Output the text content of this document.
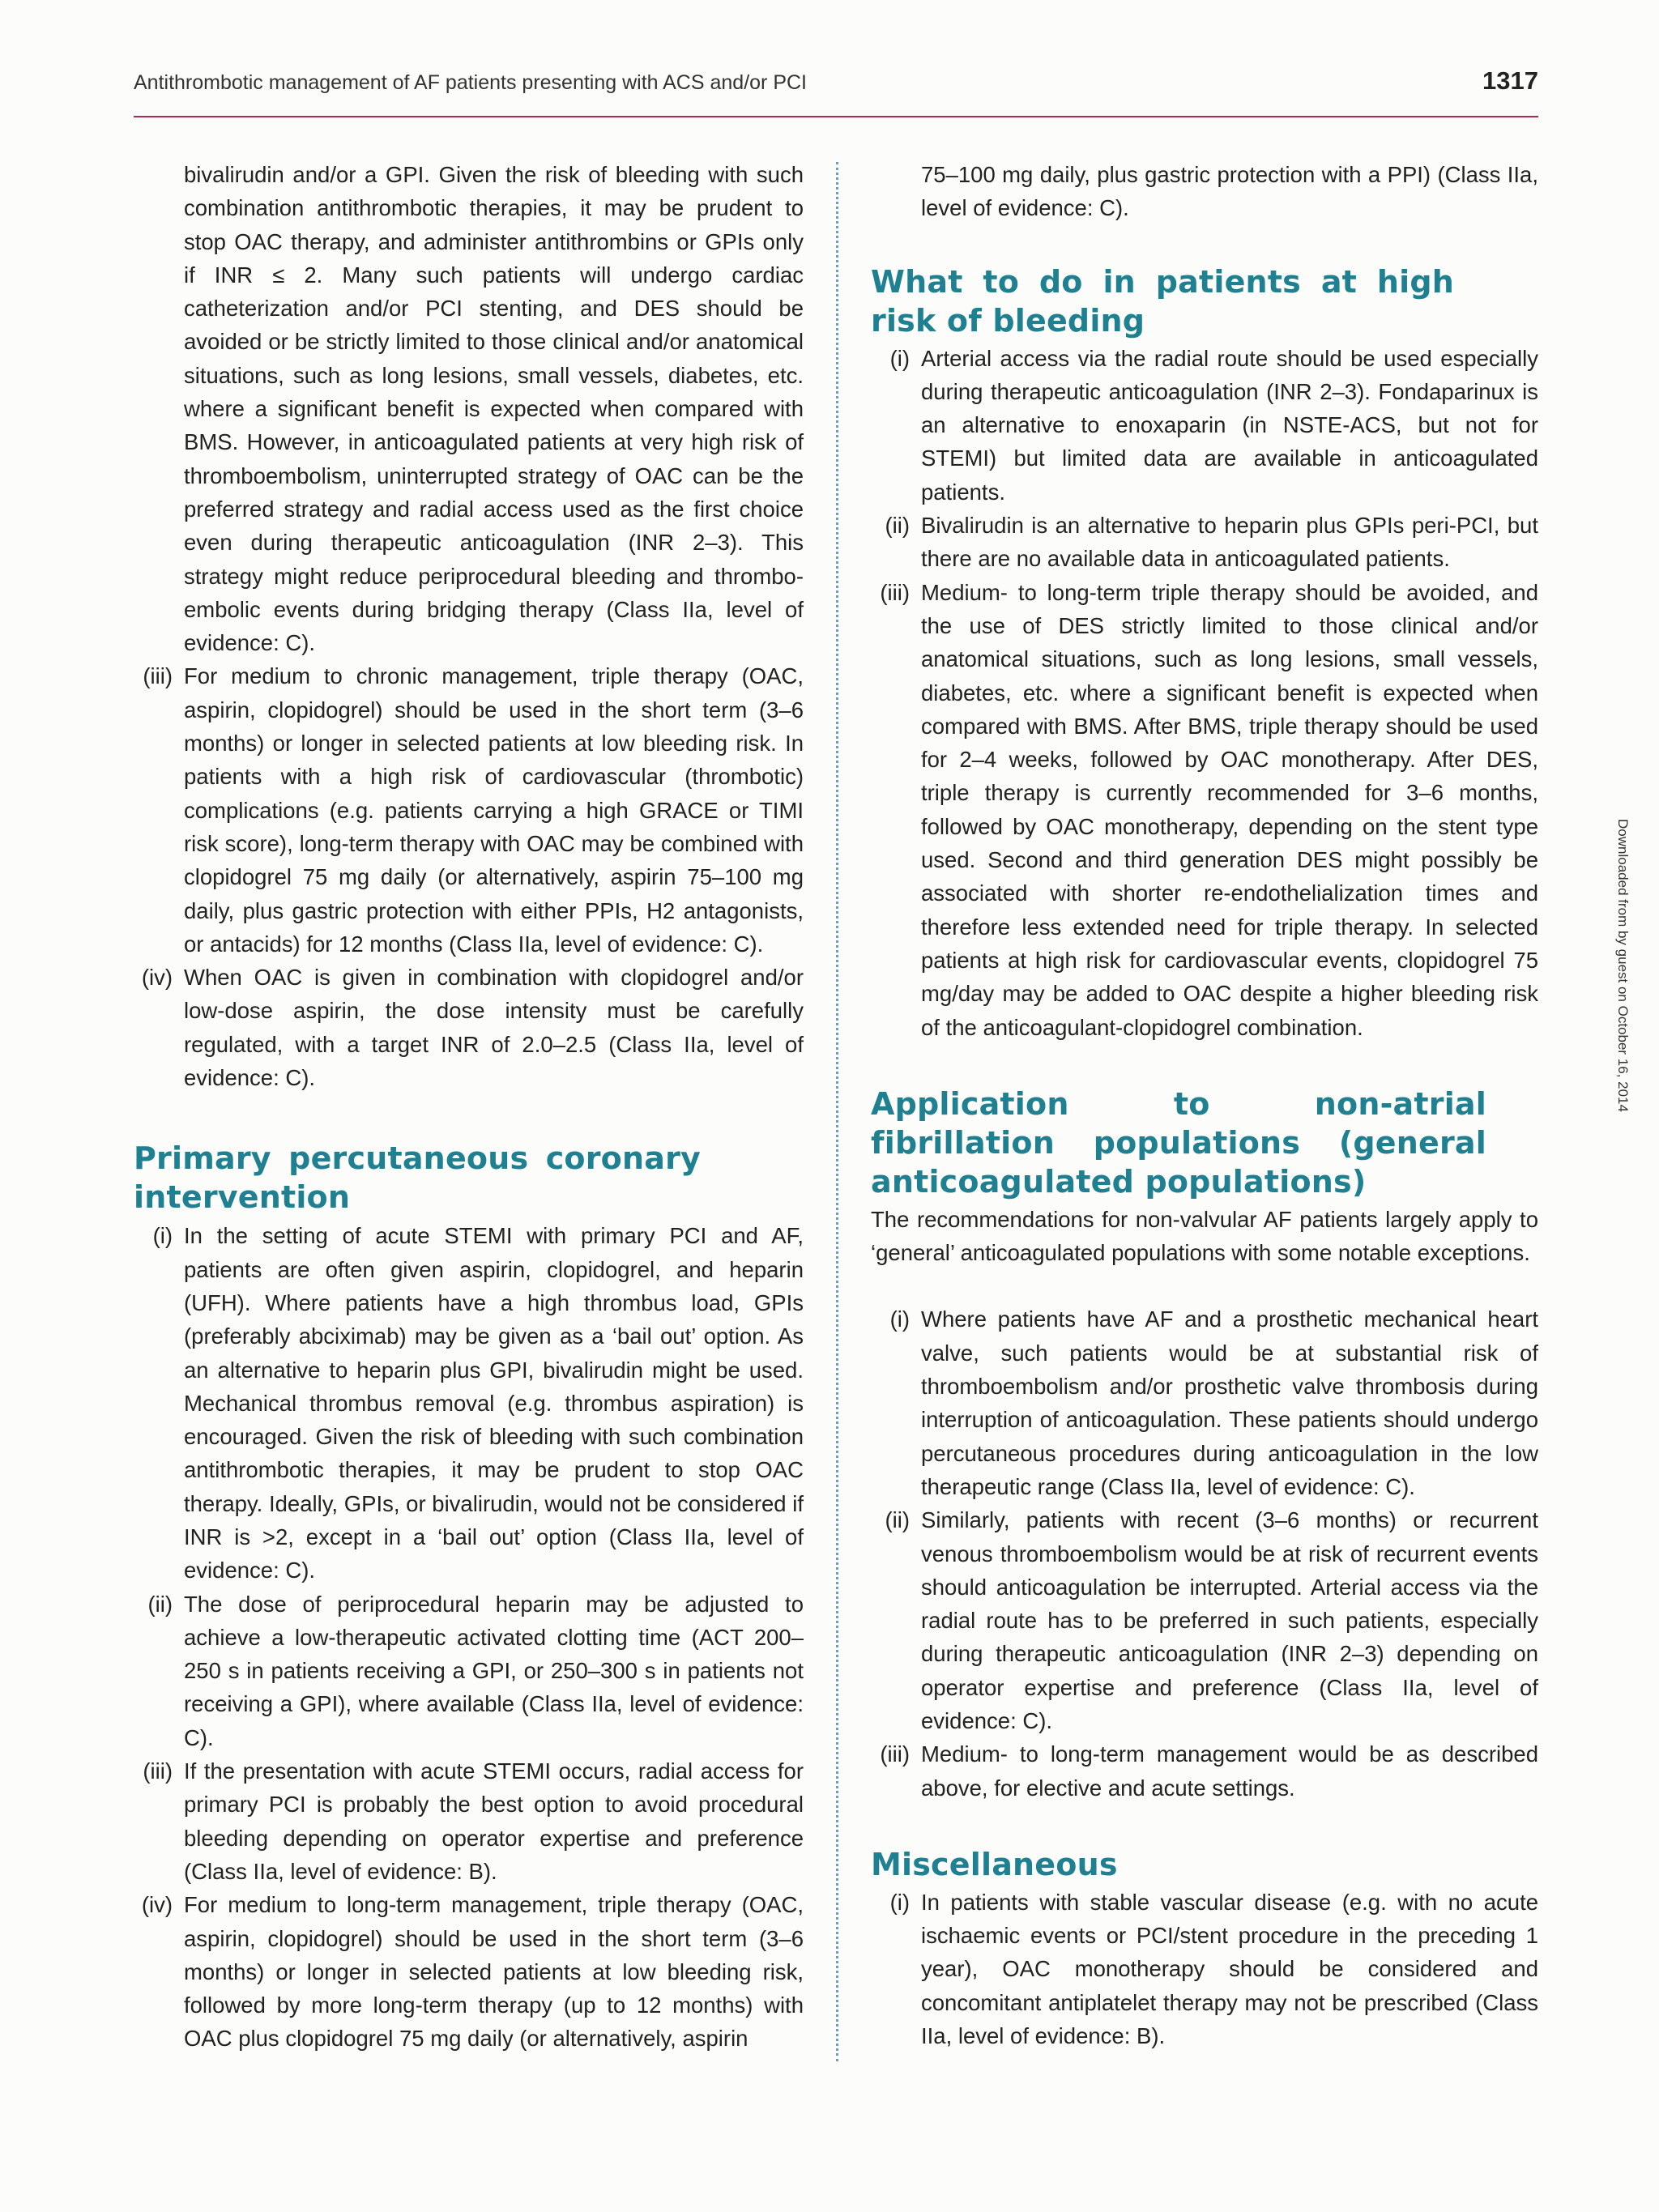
Antithrombotic management of AF patients presenting with ACS and/or PCI	1317

bivalirudin and/or a GPI. Given the risk of bleeding with such combination antithrombotic therapies, it may be prudent to stop OAC therapy, and administer antithrombins or GPIs only if INR ≤ 2. Many such patients will undergo cardiac catheterization and/or PCI stenting, and DES should be avoided or be strictly limited to those clinical and/or anatomical situations, such as long lesions, small vessels, diabetes, etc. where a significant benefit is expected when compared with BMS. However, in anticoagulated patients at very high risk of thromboembolism, uninterrupted strategy of OAC can be the preferred strategy and radial access used as the first choice even during therapeutic anticoagulation (INR 2–3). This strategy might reduce periprocedural bleeding and thrombo-embolic events during bridging therapy (Class IIa, level of evidence: C).

(iii) For medium to chronic management, triple therapy (OAC, aspirin, clopidogrel) should be used in the short term (3–6 months) or longer in selected patients at low bleeding risk. In patients with a high risk of cardiovascular (thrombotic) complications (e.g. patients carrying a high GRACE or TIMI risk score), long-term therapy with OAC may be combined with clopidogrel 75 mg daily (or alternatively, aspirin 75–100 mg daily, plus gastric protection with either PPIs, H2 antagonists, or antacids) for 12 months (Class IIa, level of evidence: C).
(iv) When OAC is given in combination with clopidogrel and/or low-dose aspirin, the dose intensity must be carefully regulated, with a target INR of 2.0–2.5 (Class IIa, level of evidence: C).
Primary percutaneous coronary intervention
(i) In the setting of acute STEMI with primary PCI and AF, patients are often given aspirin, clopidogrel, and heparin (UFH). Where patients have a high thrombus load, GPIs (preferably abciximab) may be given as a ‘bail out’ option. As an alternative to heparin plus GPI, bivalirudin might be used. Mechanical thrombus removal (e.g. thrombus aspiration) is encouraged. Given the risk of bleeding with such combination antithrombotic therapies, it may be prudent to stop OAC therapy. Ideally, GPIs, or bivalirudin, would not be considered if INR is >2, except in a ‘bail out’ option (Class IIa, level of evidence: C).
(ii) The dose of periprocedural heparin may be adjusted to achieve a low-therapeutic activated clotting time (ACT 200–250 s in patients receiving a GPI, or 250–300 s in patients not receiving a GPI), where available (Class IIa, level of evidence: C).
(iii) If the presentation with acute STEMI occurs, radial access for primary PCI is probably the best option to avoid procedural bleeding depending on operator expertise and preference (Class IIa, level of evidence: B).
(iv) For medium to long-term management, triple therapy (OAC, aspirin, clopidogrel) should be used in the short term (3–6 months) or longer in selected patients at low bleeding risk, followed by more long-term therapy (up to 12 months) with OAC plus clopidogrel 75 mg daily (or alternatively, aspirin

75–100 mg daily, plus gastric protection with a PPI) (Class IIa, level of evidence: C).

What to do in patients at high risk of bleeding
(i) Arterial access via the radial route should be used especially during therapeutic anticoagulation (INR 2–3). Fondaparinux is an alternative to enoxaparin (in NSTE-ACS, but not for STEMI) but limited data are available in anticoagulated patients.
(ii) Bivalirudin is an alternative to heparin plus GPIs peri-PCI, but there are no available data in anticoagulated patients.
(iii) Medium- to long-term triple therapy should be avoided, and the use of DES strictly limited to those clinical and/or anatomical situations, such as long lesions, small vessels, diabetes, etc. where a significant benefit is expected when compared with BMS. After BMS, triple therapy should be used for 2–4 weeks, followed by OAC monotherapy. After DES, triple therapy is currently recommended for 3–6 months, followed by OAC monotherapy, depending on the stent type used. Second and third generation DES might possibly be associated with shorter re-endothelialization times and therefore less extended need for triple therapy. In selected patients at high risk for cardiovascular events, clopidogrel 75 mg/day may be added to OAC despite a higher bleeding risk of the anticoagulant-clopidogrel combination.
Application to non-atrial fibrillation populations (general anticoagulated populations)

The recommendations for non-valvular AF patients largely apply to ‘general’ anticoagulated populations with some notable exceptions.

(i) Where patients have AF and a prosthetic mechanical heart valve, such patients would be at substantial risk of thromboembolism and/or prosthetic valve thrombosis during interruption of anticoagulation. These patients should undergo percutaneous procedures during anticoagulation in the low therapeutic range (Class IIa, level of evidence: C).
(ii) Similarly, patients with recent (3–6 months) or recurrent venous thromboembolism would be at risk of recurrent events should anticoagulation be interrupted. Arterial access via the radial route has to be preferred in such patients, especially during therapeutic anticoagulation (INR 2–3) depending on operator expertise and preference (Class IIa, level of evidence: C).
(iii) Medium- to long-term management would be as described above, for elective and acute settings.
Miscellaneous
(i) In patients with stable vascular disease (e.g. with no acute ischaemic events or PCI/stent procedure in the preceding 1 year), OAC monotherapy should be considered and concomitant antiplatelet therapy may not be prescribed (Class IIa, level of evidence: B).
Downloaded from by guest on October 16, 2014
